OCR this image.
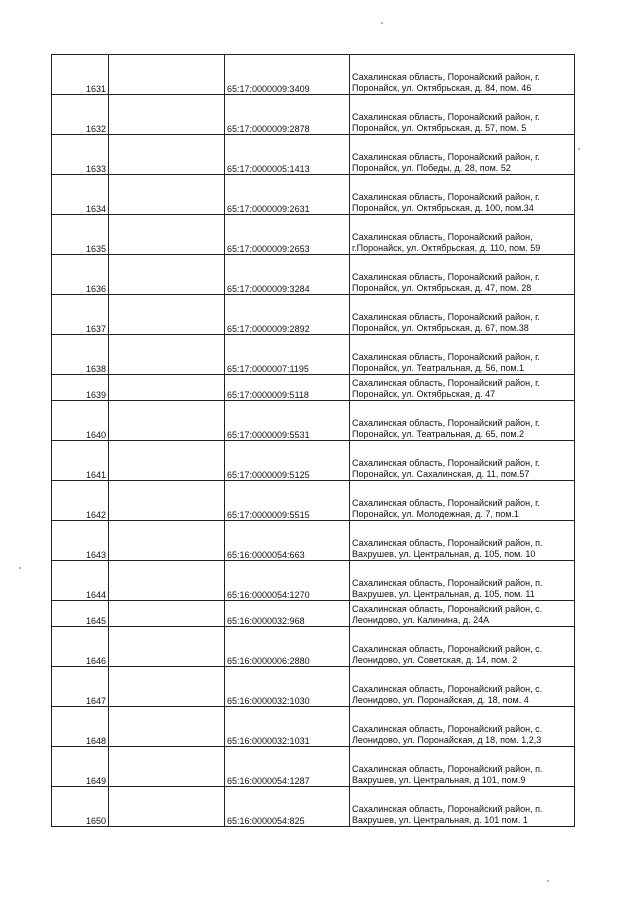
1631		65:17:0000009:3409	Сахалинская область, Поронайский район, г.
Поронайск, ул. Октябрьская, д. 84, пом. 46

1632		65:17:0000009:2878	Сахалинская область, Поронайский район, г.
Поронайск, ул. Октябрьская, д. 57, пом. 5

1633		65:17:0000005:1413	Сахалинская область, Поронайский район, г.
Поронайск, ул. Победы, д. 28, пом. 52

1634		65:17:0000009:2631	Сахалинская область, Поронайский район, г.
Поронайск, ул. Октябрьская, д. 100, пом.34

1635		65:17:0000009:2653	Сахалинская область, Поронайский район,
г.Поронайск, ул. Октябрьская, д. 110, пом. 59

1636		65:17:0000009:3284	Сахалинская область, Поронайский район, г.
Поронайск, ул. Октябрьская, д. 47, пом. 28

1637		65:17:0000009:2892	Сахалинская область, Поронайский район, г.
Поронайск, ул. Октябрьская, д. 67, пом.38

1638		65:17:0000007:1195	Сахалинская область, Поронайский район, г.
Поронайск, ул. Театральная, д. 56, пом.1

1639		65:17:0000009:5118	Сахалинская область, Поронайский район, г.
Поронайск, ул. Октябрьская, д. 47

1640		65:17:0000009:5531	Сахалинская область, Поронайский район, г.
Поронайск, ул. Театральная, д. 65, пом.2

1641		65:17:0000009:5125	Сахалинская область, Поронайский район, г.
Поронайск, ул. Сахалинская, д. 11, пом.57

1642		65:17:0000009:5515	Сахалинская область, Поронайский район, г.
Поронайск, ул. Молодежная, д. 7, пом.1

1643		65:16:0000054:663	Сахалинская область, Поронайский район, п.
Вахрушев, ул. Центральная, д. 105, пом. 10

1644		65:16:0000054:1270	Сахалинская область, Поронайский район, п.
Вахрушев, ул. Центральная, д. 105, пом. 11

1645		65:16:0000032:968	Сахалинская область, Поронайский район, с.
Леонидово, ул. Калинина, д. 24А

1646		65:16:0000006:2880	Сахалинская область, Поронайский район, с.
Леонидово, ул. Советская, д. 14, пом. 2

1647		65:16:0000032:1030	Сахалинская область, Поронайский район, с.
Леонидово, ул. Поронайская, д. 18, пом. 4

1648		65:16:0000032:1031	Сахалинская область, Поронайский район, с.
Леонидово, ул. Поронайская, д 18, пом. 1,2,3

1649		65:16:0000054:1287	Сахалинская область, Поронайский район, п.
Вахрушев, ул. Центральная, д 101, пом.9

1650		65:16:0000054:825	Сахалинская область, Поронайский район, п.
Вахрушев, ул. Центральная, д. 101 пом. 1
